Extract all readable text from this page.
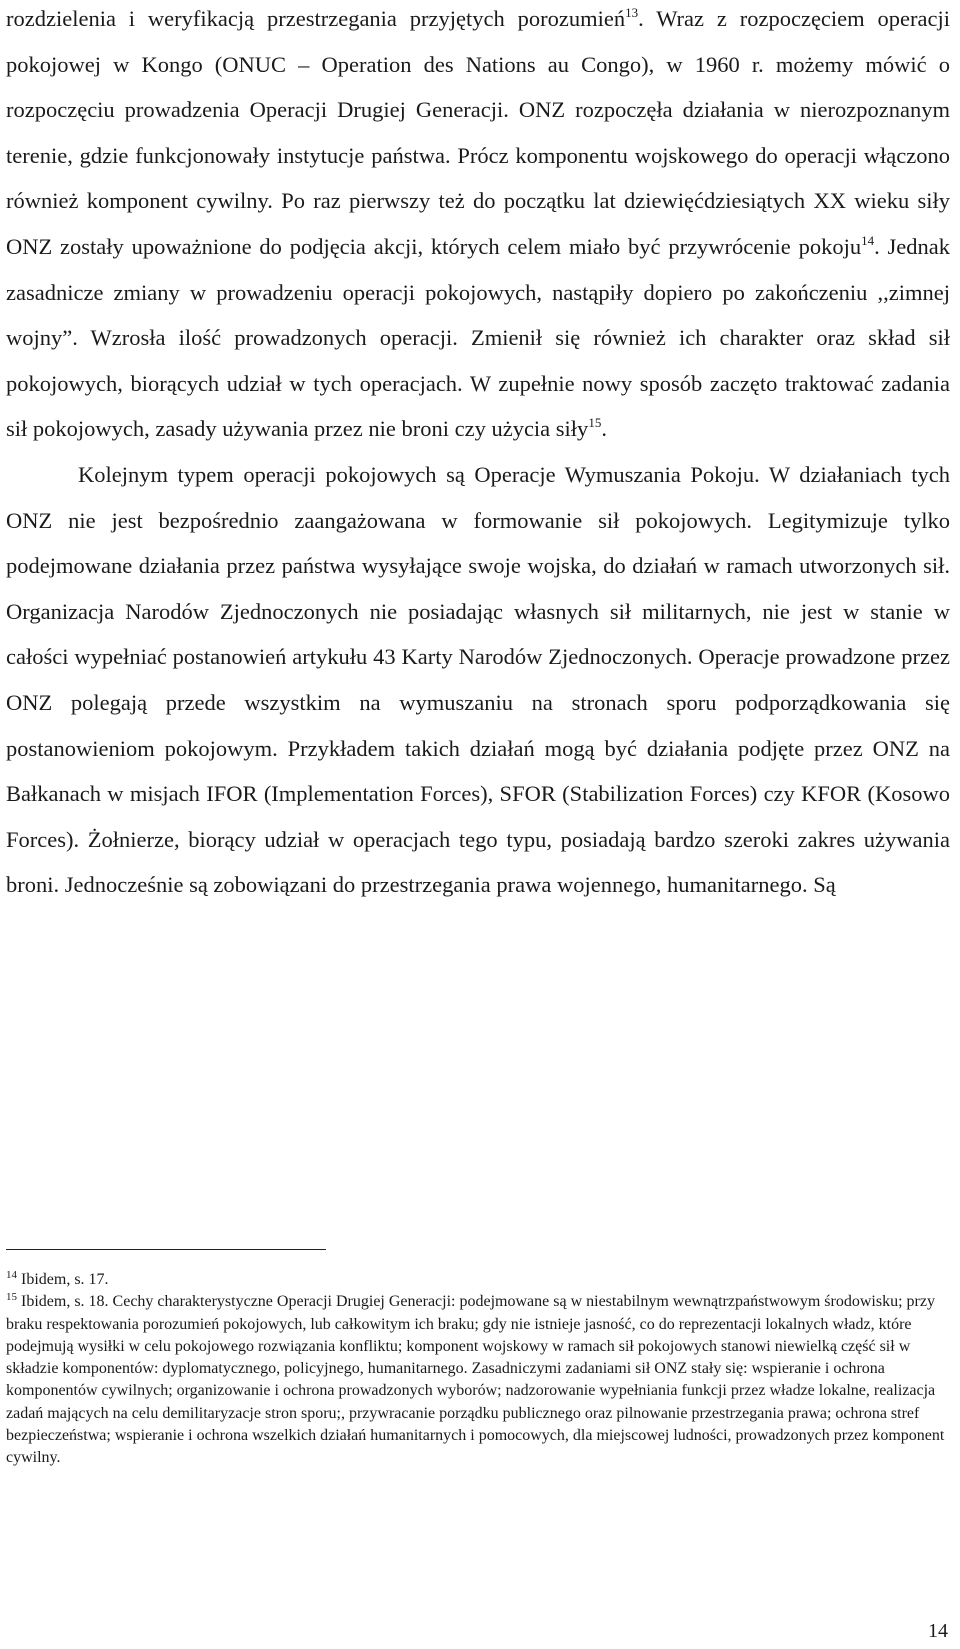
rozdzielenia i weryfikacją przestrzegania przyjętych porozumień$^{13}$. Wraz z rozpoczęciem operacji pokojowej w Kongo (ONUC – Operation des Nations au Congo), w 1960 r. możemy mówić o rozpoczęciu prowadzenia Operacji Drugiej Generacji. ONZ rozpoczęła działania w nierozpoznanym terenie, gdzie funkcjonowały instytucje państwa. Prócz komponentu wojskowego do operacji włączono również komponent cywilny. Po raz pierwszy też do początku lat dziewięćdziesiątych XX wieku siły ONZ zostały upoważnione do podjęcia akcji, których celem miało być przywrócenie pokoju$^{14}$. Jednak zasadnicze zmiany w prowadzeniu operacji pokojowych, nastąpiły dopiero po zakończeniu ,,zimnej wojny”. Wzrosła ilość prowadzonych operacji. Zmienił się również ich charakter oraz skład sił pokojowych, biorących udział w tych operacjach. W zupełnie nowy sposób zaczęto traktować zadania sił pokojowych, zasady używania przez nie broni czy użycia siły$^{15}$.

Kolejnym typem operacji pokojowych są Operacje Wymuszania Pokoju. W działaniach tych ONZ nie jest bezpośrednio zaangażowana w formowanie sił pokojowych. Legitymizuje tylko podejmowane działania przez państwa wysyłające swoje wojska, do działań w ramach utworzonych sił. Organizacja Narodów Zjednoczonych nie posiadając własnych sił militarnych, nie jest w stanie w całości wypełniać postanowień artykułu 43 Karty Narodów Zjednoczonych. Operacje prowadzone przez ONZ polegają przede wszystkim na wymuszaniu na stronach sporu podporządkowania się postanowieniom pokojowym. Przykładem takich działań mogą być działania podjęte przez ONZ na Bałkanach w misjach IFOR (Implementation Forces), SFOR (Stabilization Forces) czy KFOR (Kosowo Forces). Żołnierze, biorący udział w operacjach tego typu, posiadają bardzo szeroki zakres używania broni. Jednocześnie są zobowiązani do przestrzegania prawa wojennego, humanitarnego. Są

$^{14}$ Ibidem, s. 17.

$^{15}$ Ibidem, s. 18. Cechy charakterystyczne Operacji Drugiej Generacji: podejmowane są w niestabilnym wewnątrzpaństwowym środowisku; przy braku respektowania porozumień pokojowych, lub całkowitym ich braku; gdy nie istnieje jasność, co do reprezentacji lokalnych władz, które podejmują wysiłki w celu pokojowego rozwiązania konfliktu; komponent wojskowy w ramach sił pokojowych stanowi niewielką część sił w składzie komponentów: dyplomatycznego, policyjnego, humanitarnego. Zasadniczymi zadaniami sił ONZ stały się: wspieranie i ochrona komponentów cywilnych; organizowanie i ochrona prowadzonych wyborów; nadzorowanie wypełniania funkcji przez władze lokalne, realizacja zadań mających na celu demilitaryzacje stron sporu;, przywracanie porządku publicznego oraz pilnowanie przestrzegania prawa; ochrona stref bezpieczeństwa; wspieranie i ochrona wszelkich działań humanitarnych i pomocowych, dla miejscowej ludności, prowadzonych przez komponent cywilny.

14
